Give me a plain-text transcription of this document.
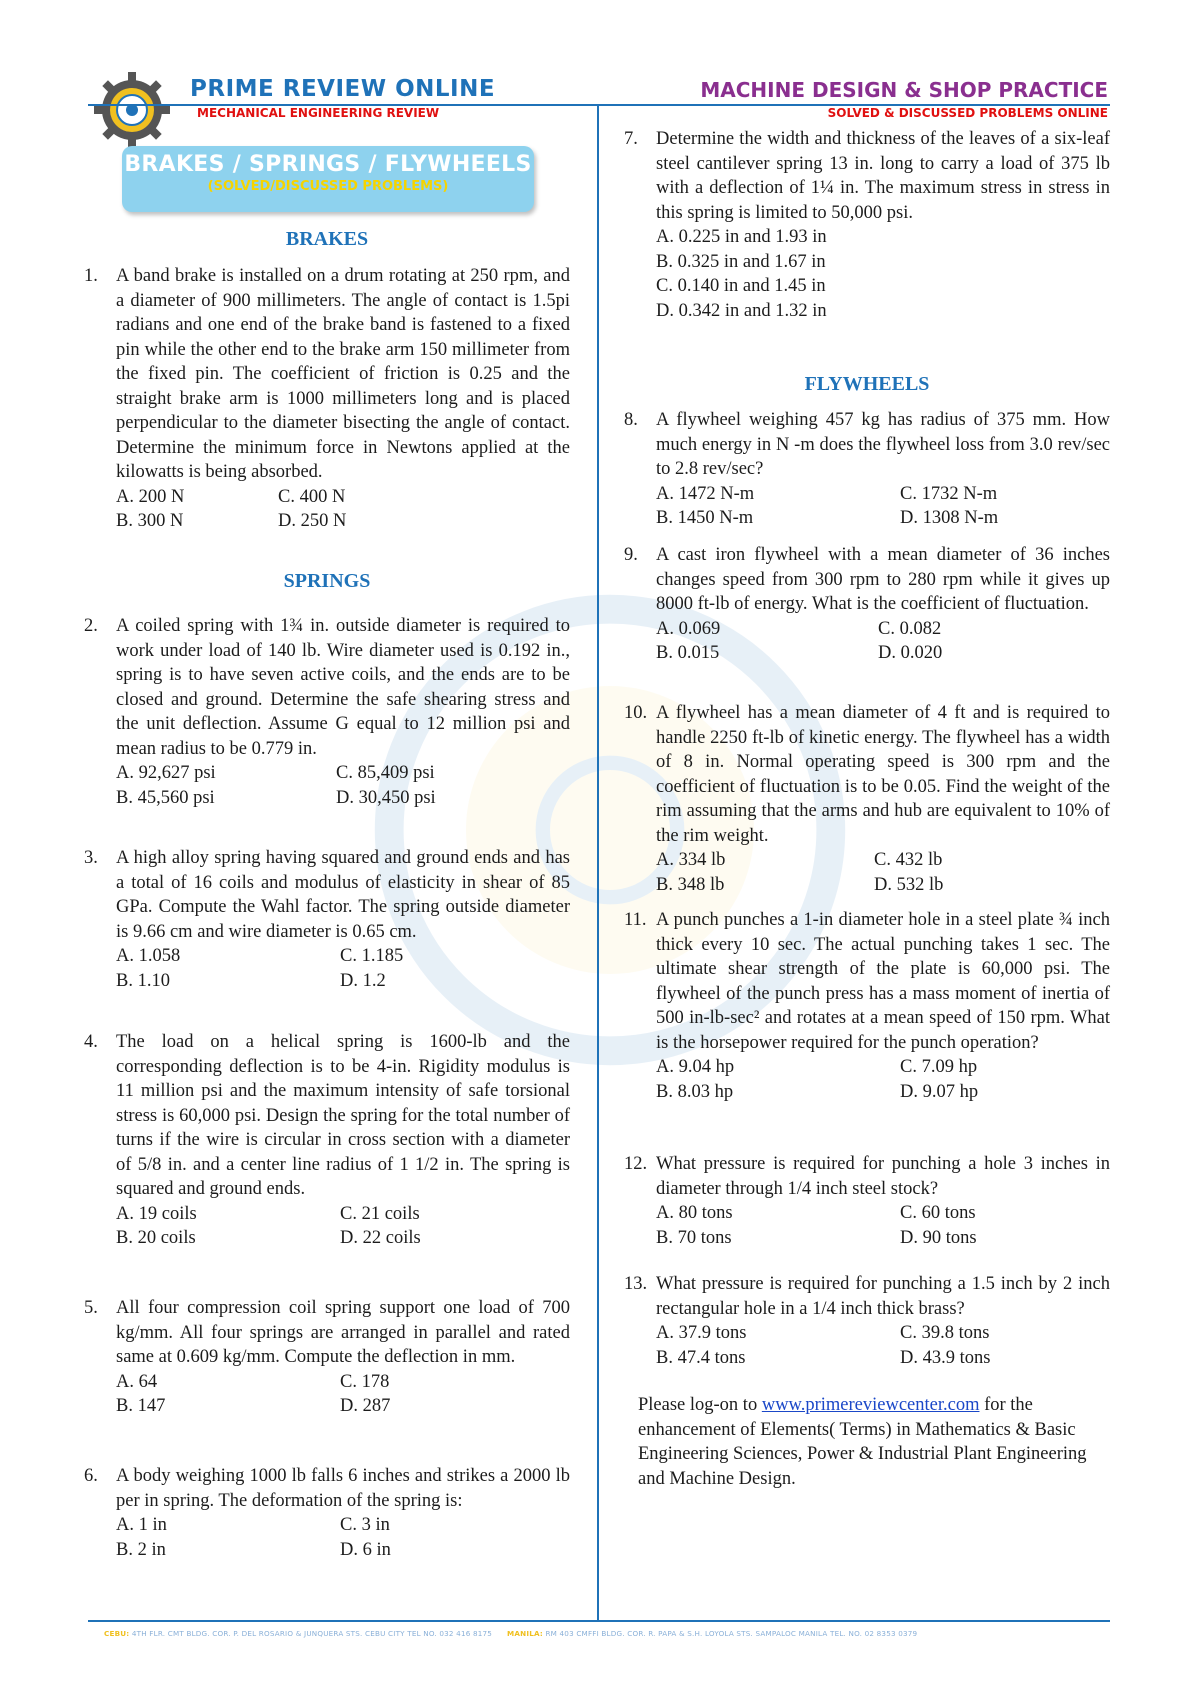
PRIME REVIEW ONLINE
MECHANICAL ENGINEERING REVIEW
MACHINE DESIGN & SHOP PRACTICE
SOLVED & DISCUSSED PROBLEMS ONLINE
BRAKES / SPRINGS / FLYWHEELS
(SOLVED/DISCUSSED PROBLEMS)
BRAKES
1. A band brake is installed on a drum rotating at 250 rpm, and a diameter of 900 millimeters. The angle of contact is 1.5pi radians and one end of the brake band is fastened to a fixed pin while the other end to the brake arm 150 millimeter from the fixed pin. The coefficient of friction is 0.25 and the straight brake arm is 1000 millimeters long and is placed perpendicular to the diameter bisecting the angle of contact. Determine the minimum force in Newtons applied at the kilowatts is being absorbed.
A. 200 N	C. 400 N
B. 300 N	D. 250 N
SPRINGS
2. A coiled spring with 1¾ in. outside diameter is required to work under load of 140 lb. Wire diameter used is 0.192 in., spring is to have seven active coils, and the ends are to be closed and ground. Determine the safe shearing stress and the unit deflection. Assume G equal to 12 million psi and mean radius to be 0.779 in.
A. 92,627 psi	C. 85,409 psi
B. 45,560 psi	D. 30,450 psi
3. A high alloy spring having squared and ground ends and has a total of 16 coils and modulus of elasticity in shear of 85 GPa. Compute the Wahl factor. The spring outside diameter is 9.66 cm and wire diameter is 0.65 cm.
A. 1.058	C. 1.185
B. 1.10	D. 1.2
4. The load on a helical spring is 1600-lb and the corresponding deflection is to be 4-in. Rigidity modulus is 11 million psi and the maximum intensity of safe torsional stress is 60,000 psi. Design the spring for the total number of turns if the wire is circular in cross section with a diameter of 5/8 in. and a center line radius of 1 1/2 in. The spring is squared and ground ends.
A. 19 coils	C. 21 coils
B. 20 coils	D. 22 coils
5. All four compression coil spring support one load of 700 kg/mm. All four springs are arranged in parallel and rated same at 0.609 kg/mm. Compute the deflection in mm.
A. 64	C. 178
B. 147	D. 287
6. A body weighing 1000 lb falls 6 inches and strikes a 2000 lb per in spring. The deformation of the spring is:
A. 1 in	C. 3 in
B. 2 in	D. 6 in
7. Determine the width and thickness of the leaves of a six-leaf steel cantilever spring 13 in. long to carry a load of 375 lb with a deflection of 1¼ in. The maximum stress in stress in this spring is limited to 50,000 psi.
A. 0.225 in and 1.93 in
B. 0.325 in and 1.67 in
C. 0.140 in and 1.45 in
D. 0.342 in and 1.32 in
FLYWHEELS
8. A flywheel weighing 457 kg has radius of 375 mm. How much energy in N -m does the flywheel loss from 3.0 rev/sec to 2.8 rev/sec?
A. 1472 N-m	C. 1732 N-m
B. 1450 N-m	D. 1308 N-m
9. A cast iron flywheel with a mean diameter of 36 inches changes speed from 300 rpm to 280 rpm while it gives up 8000 ft-lb of energy. What is the coefficient of fluctuation.
A. 0.069	C. 0.082
B. 0.015	D. 0.020
10. A flywheel has a mean diameter of 4 ft and is required to handle 2250 ft-lb of kinetic energy. The flywheel has a width of 8 in. Normal operating speed is 300 rpm and the coefficient of fluctuation is to be 0.05. Find the weight of the rim assuming that the arms and hub are equivalent to 10% of the rim weight.
A. 334 lb	C. 432 lb
B. 348 lb	D. 532 lb
11. A punch punches a 1-in diameter hole in a steel plate ¾ inch thick every 10 sec. The actual punching takes 1 sec. The ultimate shear strength of the plate is 60,000 psi. The flywheel of the punch press has a mass moment of inertia of 500 in-lb-sec² and rotates at a mean speed of 150 rpm. What is the horsepower required for the punch operation?
A. 9.04 hp	C. 7.09 hp
B. 8.03 hp	D. 9.07 hp
12. What pressure is required for punching a hole 3 inches in diameter through 1/4 inch steel stock?
A. 80 tons	C. 60 tons
B. 70 tons	D. 90 tons
13. What pressure is required for punching a 1.5 inch by 2 inch rectangular hole in a 1/4 inch thick brass?
A. 37.9 tons	C. 39.8 tons
B. 47.4 tons	D. 43.9 tons
Please log-on to www.primereviewcenter.com for the enhancement of Elements( Terms) in Mathematics & Basic Engineering Sciences, Power & Industrial Plant Engineering and Machine Design.
CEBU: 4TH FLR. CMT BLDG. COR. P. DEL ROSARIO & JUNQUERA STS. CEBU CITY TEL NO. 032 416 8175 MANILA: RM 403 CMFFI BLDG. COR. R. PAPA & S.H. LOYOLA STS. SAMPALOC MANILA TEL. NO. 02 8353 0379
